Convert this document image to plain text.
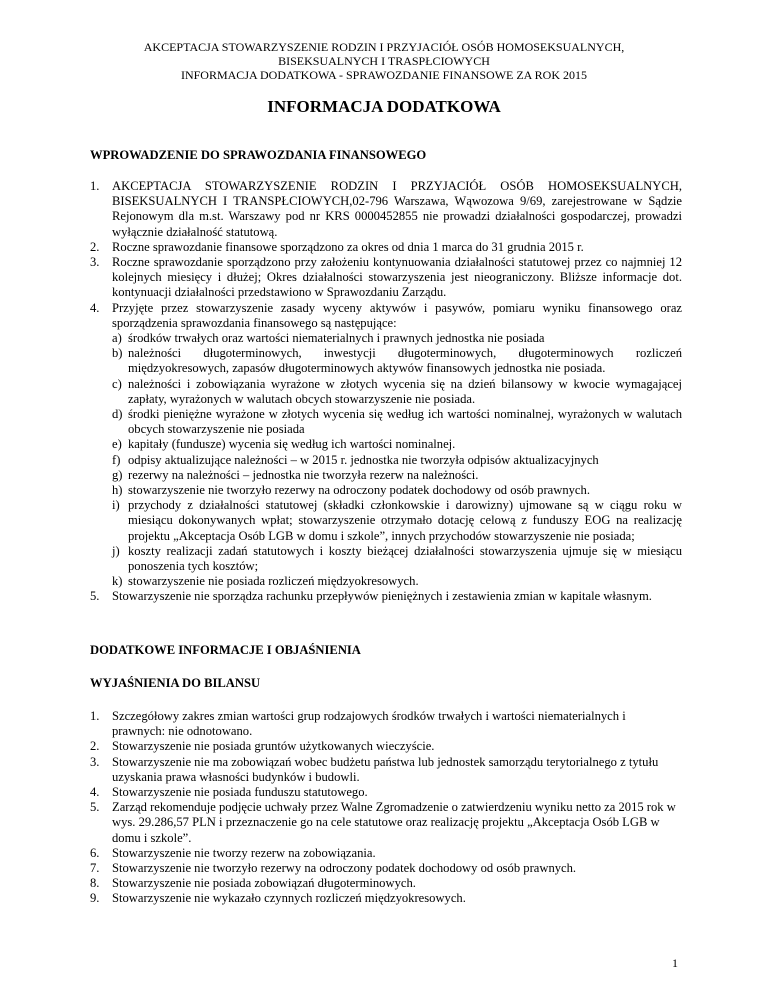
AKCEPTACJA STOWARZYSZENIE RODZIN I PRZYJACIÓŁ OSÓB HOMOSEKSUALNYCH,
BISEKSUALNYCH I TRASPŁCIOWYCH
INFORMACJA DODATKOWA - SPRAWOZDANIE FINANSOWE ZA ROK 2015
INFORMACJA DODATKOWA
WPROWADZENIE DO SPRAWOZDANIA FINANSOWEGO
1. AKCEPTACJA STOWARZYSZENIE RODZIN I PRZYJACIÓŁ OSÓB HOMOSEKSUALNYCH, BISEKSUALNYCH I TRANSPŁCIOWYCH,02-796 Warszawa, Wąwozowa 9/69, zarejestrowane w Sądzie Rejonowym dla m.st. Warszawy pod nr KRS 0000452855 nie prowadzi działalności gospodarczej, prowadzi wyłącznie działalność statutową.
2. Roczne sprawozdanie finansowe sporządzono za okres od dnia 1 marca do 31 grudnia 2015 r.
3. Roczne sprawozdanie sporządzono przy założeniu kontynuowania działalności statutowej przez co najmniej 12 kolejnych miesięcy i dłużej; Okres działalności stowarzyszenia jest nieograniczony. Bliższe informacje dot. kontynuacji działalności przedstawiono w Sprawozdaniu Zarządu.
4. Przyjęte przez stowarzyszenie zasady wyceny aktywów i pasywów, pomiaru wyniku finansowego oraz sporządzenia sprawozdania finansowego są następujące:
a) środków trwałych oraz wartości niematerialnych i prawnych jednostka nie posiada
b) należności długoterminowych, inwestycji długoterminowych, długoterminowych rozliczeń międzyokresowych, zapasów długoterminowych aktywów finansowych jednostka nie posiada.
c) należności i zobowiązania wyrażone w złotych wycenia się na dzień bilansowy w kwocie wymagającej zapłaty, wyrażonych w walutach obcych stowarzyszenie nie posiada.
d) środki pieniężne wyrażone w złotych wycenia się według ich wartości nominalnej, wyrażonych w walutach obcych stowarzyszenie nie posiada
e) kapitały (fundusze) wycenia się według ich wartości nominalnej.
f) odpisy aktualizujące należności – w 2015 r. jednostka nie tworzyła odpisów aktualizacyjnych
g) rezerwy na należności – jednostka nie tworzyła rezerw na należności.
h) stowarzyszenie nie tworzyło rezerwy na odroczony podatek dochodowy od osób prawnych.
i) przychody z działalności statutowej (składki członkowskie i darowizny) ujmowane są w ciągu roku w miesiącu dokonywanych wpłat; stowarzyszenie otrzymało dotację celową z funduszy EOG na realizację projektu „Akceptacja Osób LGB w domu i szkole”, innych przychodów stowarzyszenie nie posiada;
j) koszty realizacji zadań statutowych i koszty bieżącej działalności stowarzyszenia ujmuje się w miesiącu ponoszenia tych kosztów;
k) stowarzyszenie nie posiada rozliczeń międzyokresowych.
5. Stowarzyszenie nie sporządza rachunku przepływów pieniężnych i zestawienia zmian w kapitale własnym.
DODATKOWE INFORMACJE I OBJAŚNIENIA
WYJAŚNIENIA DO BILANSU
1. Szczegółowy zakres zmian wartości grup rodzajowych środków trwałych i wartości niematerialnych i prawnych: nie odnotowano.
2. Stowarzyszenie nie posiada gruntów użytkowanych wieczyście.
3. Stowarzyszenie nie ma zobowiązań wobec budżetu państwa lub jednostek samorządu terytorialnego z tytułu uzyskania prawa własności budynków i budowli.
4. Stowarzyszenie nie posiada funduszu statutowego.
5. Zarząd rekomenduje podjęcie uchwały przez Walne Zgromadzenie o zatwierdzeniu wyniku netto za 2015 rok w wys. 29.286,57 PLN i przeznaczenie go na cele statutowe oraz realizację projektu „Akceptacja Osób LGB w domu i szkole”.
6. Stowarzyszenie nie tworzy rezerw na zobowiązania.
7. Stowarzyszenie nie tworzyło rezerwy na odroczony podatek dochodowy od osób prawnych.
8. Stowarzyszenie nie posiada zobowiązań długoterminowych.
9. Stowarzyszenie nie wykazało czynnych rozliczeń międzyokresowych.
1
